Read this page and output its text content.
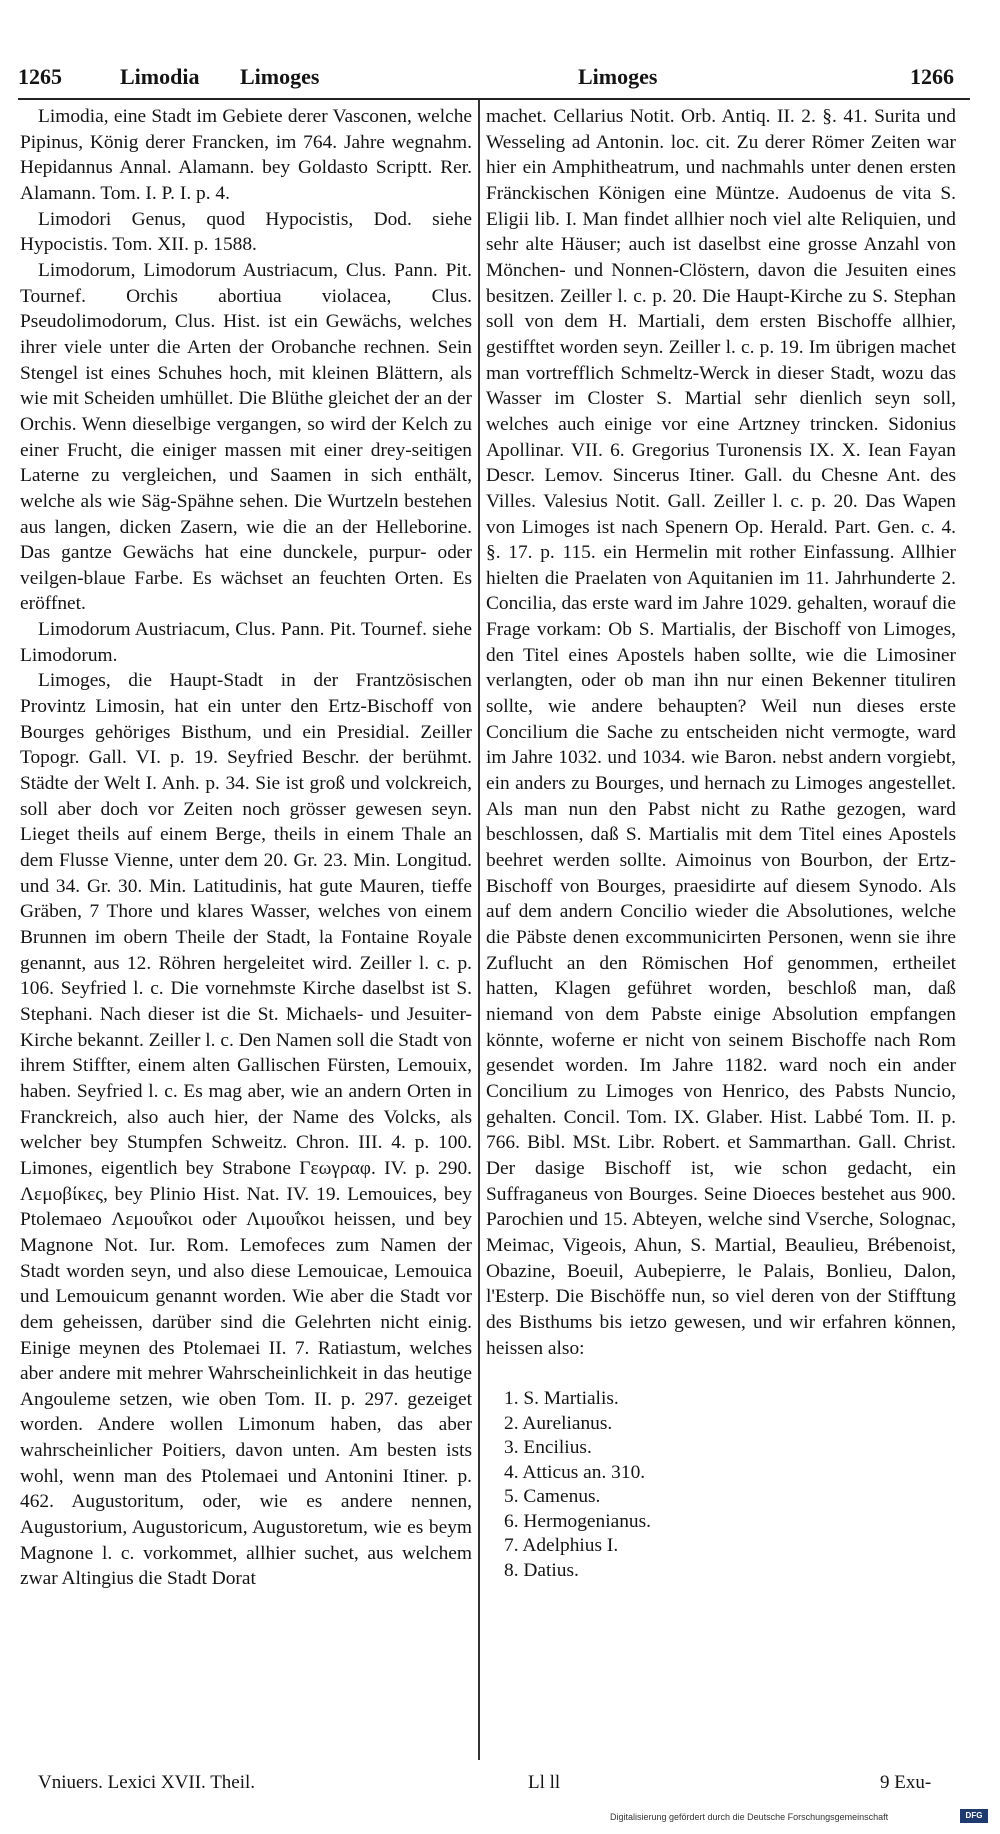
1265	Limodia Limoges	Limoges	1266

Limodia, eine Stadt im Gebiete derer Vasconen, welche Pipinus, König derer Francken, im 764. Jahre wegnahm. Hepidannus Annal. Alamann. bey Goldasto Scriptt. Rer. Alamann. Tom. I. P. I. p. 4.

Limodori Genus, quod Hypocistis, Dod. siehe Hypocistis. Tom. XII. p. 1588.

Limodorum, Limodorum Austriacum, Clus. Pann. Pit. Tournef. Orchis abortiua violacea, Clus. Pseudolimodorum, Clus. Hist. ist ein Gewächs, welches ihrer viele unter die Arten der Orobanche rechnen. Sein Stengel ist eines Schuhes hoch, mit kleinen Blättern, als wie mit Scheiden umhüllet. Die Blüthe gleichet der an der Orchis. Wenn dieselbige vergangen, so wird der Kelch zu einer Frucht, die einiger massen mit einer drey-seitigen Laterne zu vergleichen, und Saamen in sich enthält, welche als wie Säg-Spähne sehen. Die Wurtzeln bestehen aus langen, dicken Zasern, wie die an der Helleborine. Das gantze Gewächs hat eine dunckele, purpur- oder veilgen-blaue Farbe. Es wächset an feuchten Orten. Es eröffnet.

Limodorum Austriacum, Clus. Pann. Pit. Tournef. siehe Limodorum.

Limoges, die Haupt-Stadt in der Frantzösischen Provintz Limosin, hat ein unter den Ertz-Bischoff von Bourges gehöriges Bisthum, und ein Presidial. Zeiller Topogr. Gall. VI. p. 19. Seyfried Beschr. der berühmt. Städte der Welt I. Anh. p. 34. Sie ist groß und volckreich, soll aber doch vor Zeiten noch grösser gewesen seyn. Lieget theils auf einem Berge, theils in einem Thale an dem Flusse Vienne, unter dem 20. Gr. 23. Min. Longitud. und 34. Gr. 30. Min. Latitudinis, hat gute Mauren, tieffe Gräben, 7 Thore und klares Wasser, welches von einem Brunnen im obern Theile der Stadt, la Fontaine Royale genannt, aus 12. Röhren hergeleitet wird. Zeiller l. c. p. 106. Seyfried l. c. Die vornehmste Kirche daselbst ist S. Stephani. Nach dieser ist die St. Michaels- und Jesuiter-Kirche bekannt. Zeiller l. c. Den Namen soll die Stadt von ihrem Stiffter, einem alten Gallischen Fürsten, Lemouix, haben. Seyfried l. c. Es mag aber, wie an andern Orten in Franckreich, also auch hier, der Name des Volcks, als welcher bey Stumpfen Schweitz. Chron. III. 4. p. 100. Limones, eigentlich bey Strabone Γεωγραφ. IV. p. 290. Λεμοβίκες, bey Plinio Hist. Nat. IV. 19. Lemouices, bey Ptolemaeo Λεμουΐκοι oder Λιμουΐκοι heissen, und bey Magnone Not. Iur. Rom. Lemofeces zum Namen der Stadt worden seyn, und also diese Lemouicae, Lemouica und Lemouicum genannt worden. Wie aber die Stadt vor dem geheissen, darüber sind die Gelehrten nicht einig. Einige meynen des Ptolemaei II. 7. Ratiastum, welches aber andere mit mehrer Wahrscheinlichkeit in das heutige Angouleme setzen, wie oben Tom. II. p. 297. gezeiget worden. Andere wollen Limonum haben, das aber wahrscheinlicher Poitiers, davon unten. Am besten ists wohl, wenn man des Ptolemaei und Antonini Itiner. p. 462. Augustoritum, oder, wie es andere nennen, Augustorium, Augustoricum, Augustoretum, wie es beym Magnone l. c. vorkommet, allhier suchet, aus welchem zwar Altingius die Stadt Dorat

machet. Cellarius Notit. Orb. Antiq. II. 2. §. 41. Surita und Wesseling ad Antonin. loc. cit. Zu derer Römer Zeiten war hier ein Amphitheatrum, und nachmahls unter denen ersten Fränckischen Königen eine Müntze. Audoenus de vita S. Eligii lib. I. Man findet allhier noch viel alte Reliquien, und sehr alte Häuser; auch ist daselbst eine grosse Anzahl von Mönchen- und Nonnen-Clöstern, davon die Jesuiten eines besitzen. Zeiller l. c. p. 20. Die Haupt-Kirche zu S. Stephan soll von dem H. Martiali, dem ersten Bischoffe allhier, gestifftet worden seyn. Zeiller l. c. p. 19. Im übrigen machet man vortrefflich Schmeltz-Werck in dieser Stadt, wozu das Wasser im Closter S. Martial sehr dienlich seyn soll, welches auch einige vor eine Artzney trincken. Sidonius Apollinar. VII. 6. Gregorius Turonensis IX. X. Iean Fayan Descr. Lemov. Sincerus Itiner. Gall. du Chesne Ant. des Villes. Valesius Notit. Gall. Zeiller l. c. p. 20. Das Wapen von Limoges ist nach Spenern Op. Herald. Part. Gen. c. 4. §. 17. p. 115. ein Hermelin mit rother Einfassung. Allhier hielten die Praelaten von Aquitanien im 11. Jahrhunderte 2. Concilia, das erste ward im Jahre 1029. gehalten, worauf die Frage vorkam: Ob S. Martialis, der Bischoff von Limoges, den Titel eines Apostels haben sollte, wie die Limosiner verlangten, oder ob man ihn nur einen Bekenner tituliren sollte, wie andere behaupten? Weil nun dieses erste Concilium die Sache zu entscheiden nicht vermogte, ward im Jahre 1032. und 1034. wie Baron. nebst andern vorgiebt, ein anders zu Bourges, und hernach zu Limoges angestellet. Als man nun den Pabst nicht zu Rathe gezogen, ward beschlossen, daß S. Martialis mit dem Titel eines Apostels beehret werden sollte. Aimoinus von Bourbon, der Ertz-Bischoff von Bourges, praesidirte auf diesem Synodo. Als auf dem andern Concilio wieder die Absolutiones, welche die Päbste denen excommunicirten Personen, wenn sie ihre Zuflucht an den Römischen Hof genommen, ertheilet hatten, Klagen geführet worden, beschloß man, daß niemand von dem Pabste einige Absolution empfangen könnte, woferne er nicht von seinem Bischoffe nach Rom gesendet worden. Im Jahre 1182. ward noch ein ander Concilium zu Limoges von Henrico, des Pabsts Nuncio, gehalten. Concil. Tom. IX. Glaber. Hist. Labbé Tom. II. p. 766. Bibl. MSt. Libr. Robert. et Sammarthan. Gall. Christ. Der dasige Bischoff ist, wie schon gedacht, ein Suffraganeus von Bourges. Seine Dioeces bestehet aus 900. Parochien und 15. Abteyen, welche sind Vserche, Solognac, Meimac, Vigeois, Ahun, S. Martial, Beaulieu, Brébenoist, Obazine, Boeuil, Aubepierre, le Palais, Bonlieu, Dalon, l'Esterp. Die Bischöffe nun, so viel deren von der Stifftung des Bisthums bis ietzo gewesen, und wir erfahren können, heissen also:

1. S. Martialis.
2. Aurelianus.
3. Encilius.
4. Atticus an. 310.
5. Camenus.
6. Hermogenianus.
7. Adelphius I.
8. Datius.
Vniuers. Lexici XVII. Theil.	Ll ll	9 Exu-
Digitalisierung gefördert durch die Deutsche Forschungsgemeinschaft	DFG
